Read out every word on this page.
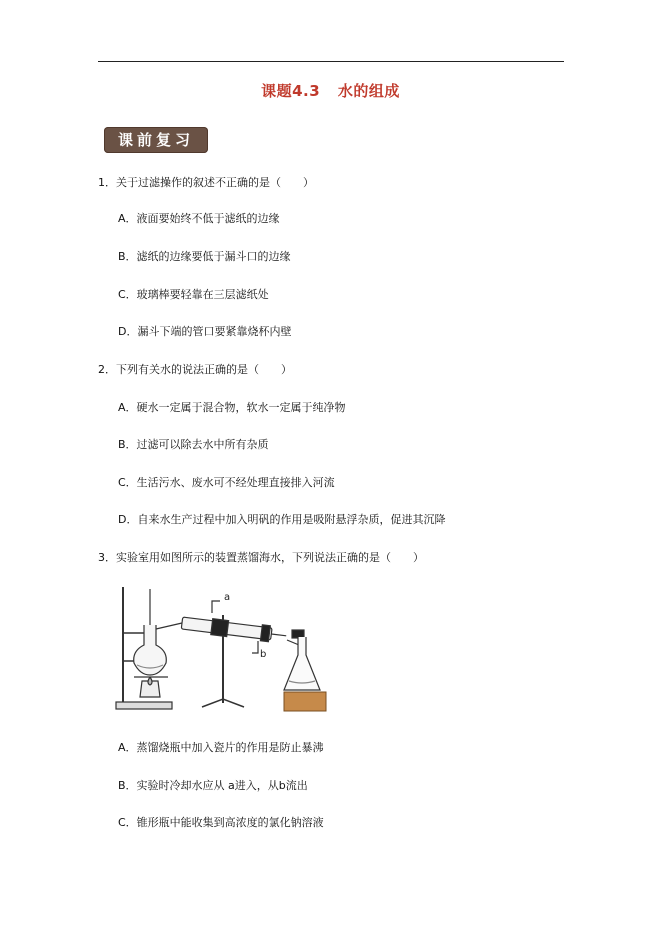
课题4.3 水的组成
课前复习
1．关于过滤操作的叙述不正确的是（　　）
A．液面要始终不低于滤纸的边缘
B．滤纸的边缘要低于漏斗口的边缘
C．玻璃棒要轻靠在三层滤纸处
D．漏斗下端的管口要紧靠烧杯内壁
2．下列有关水的说法正确的是（　　）
A．硬水一定属于混合物，软水一定属于纯净物
B．过滤可以除去水中所有杂质
C．生活污水、废水可不经处理直接排入河流
D．自来水生产过程中加入明矾的作用是吸附悬浮杂质，促进其沉降
3．实验室用如图所示的装置蒸馏海水，下列说法正确的是（　　）
a
b
A．蒸馏烧瓶中加入瓷片的作用是防止暴沸
B．实验时冷却水应从 a进入，从b流出
C．锥形瓶中能收集到高浓度的氯化钠溶液
